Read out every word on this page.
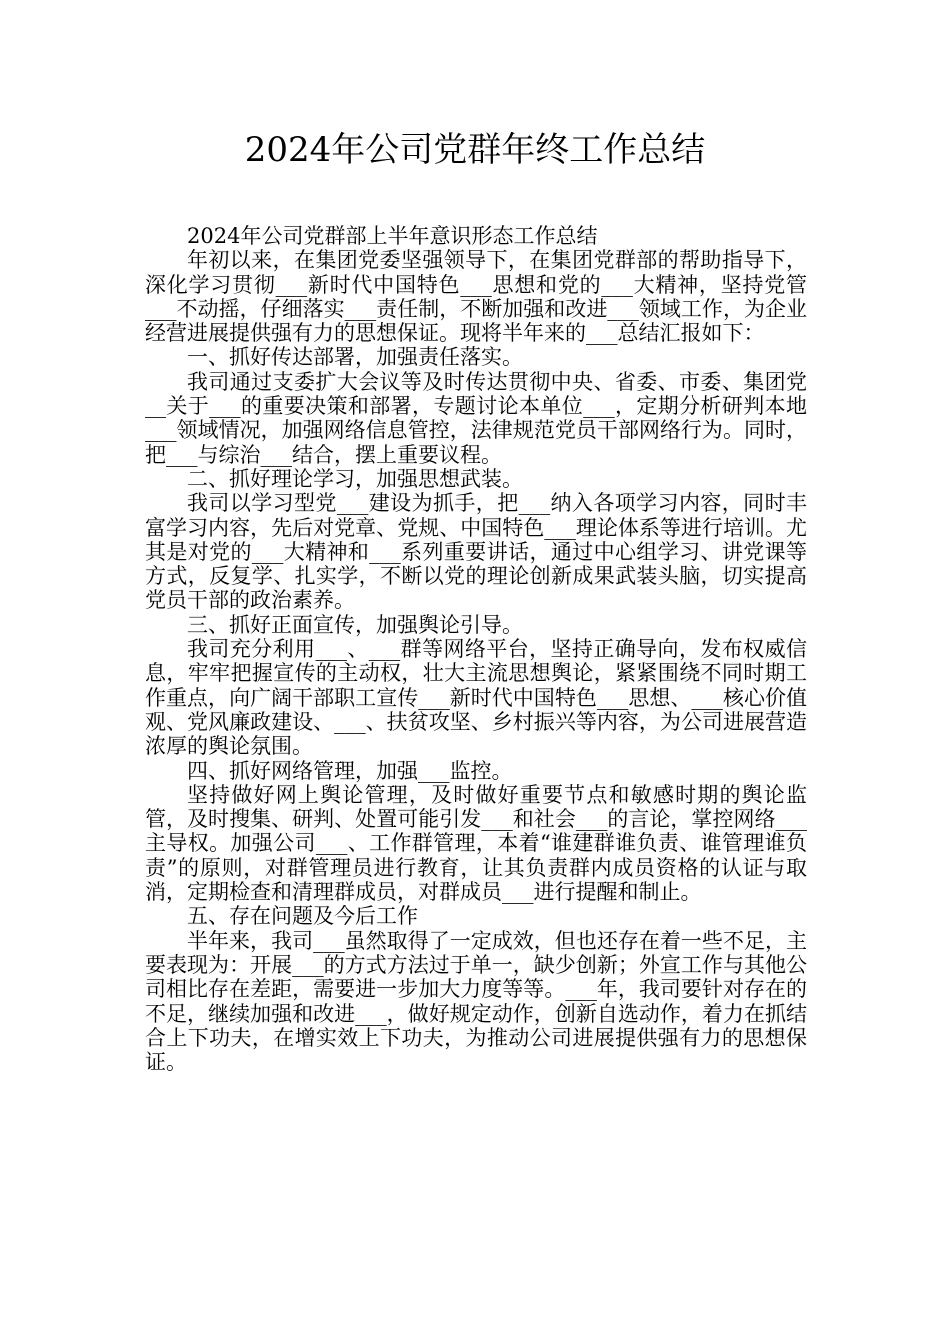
2024年公司党群年终工作总结

2024年公司党群部上半年意识形态工作总结

年初以来，在集团党委坚强领导下，在集团党群部的帮助指导下，深化学习贯彻___新时代中国特色___思想和党的___大精神，坚持党管___不动摇，仔细落实___责任制，不断加强和改进___领域工作，为企业经营进展提供强有力的思想保证。现将半年来的___总结汇报如下：

一、抓好传达部署，加强责任落实。

我司通过支委扩大会议等及时传达贯彻中央、省委、市委、集团党__关于___的重要决策和部署，专题讨论本单位___，定期分析研判本地___领域情况，加强网络信息管控，法律规范党员干部网络行为。同时，把___与综治___结合，摆上重要议程。

二、抓好理论学习，加强思想武装。

我司以学习型党___建设为抓手，把___纳入各项学习内容，同时丰富学习内容，先后对党章、党规、中国特色___理论体系等进行培训。尤其是对党的___大精神和___系列重要讲话，通过中心组学习、讲党课等方式，反复学、扎实学，不断以党的理论创新成果武装头脑，切实提高党员干部的政治素养。

三、抓好正面宣传，加强舆论引导。

我司充分利用___、___群等网络平台，坚持正确导向，发布权威信息，牢牢把握宣传的主动权，壮大主流思想舆论，紧紧围绕不同时期工作重点，向广阔干部职工宣传___新时代中国特色___思想、___核心价值观、党风廉政建设、___、扶贫攻坚、乡村振兴等内容，为公司进展营造浓厚的舆论氛围。

四、抓好网络管理，加强___监控。

坚持做好网上舆论管理，及时做好重要节点和敏感时期的舆论监管，及时搜集、研判、处置可能引发___和社会___的言论，掌控网络___主导权。加强公司___、工作群管理，本着“谁建群谁负责、谁管理谁负责”的原则，对群管理员进行教育，让其负责群内成员资格的认证与取消，定期检查和清理群成员，对群成员___进行提醒和制止。

五、存在问题及今后工作

半年来，我司___虽然取得了一定成效，但也还存在着一些不足，主要表现为：开展___的方式方法过于单一，缺少创新；外宣工作与其他公司相比存在差距，需要进一步加大力度等等。___年，我司要针对存在的不足，继续加强和改进___，做好规定动作，创新自选动作，着力在抓结合上下功夫，在增实效上下功夫，为推动公司进展提供强有力的思想保证。
